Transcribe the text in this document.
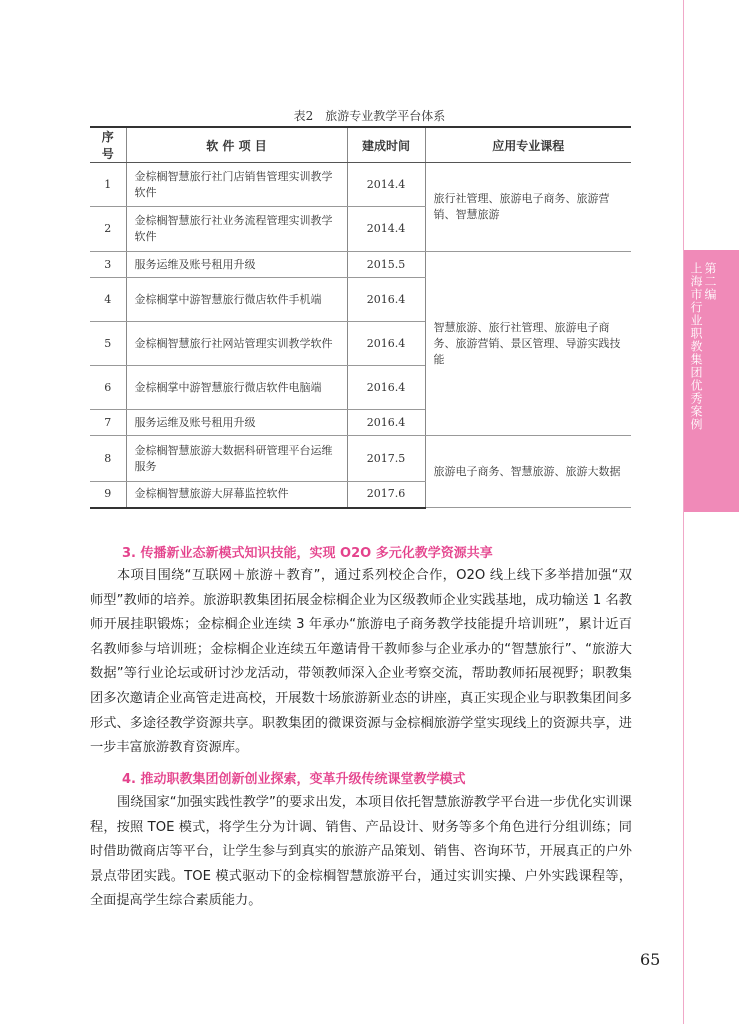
第二编
上海市行业职教集团优秀案例
表2　旅游专业教学平台体系
序号	软 件 项 目	建成时间	应用专业课程
1	金棕榈智慧旅行社门店销售管理实训教学软件	2014.4	旅行社管理、旅游电子商务、旅游营销、智慧旅游
2	金棕榈智慧旅行社业务流程管理实训教学软件	2014.4	
3	服务运维及账号租用升级	2015.5	智慧旅游、旅行社管理、旅游电子商务、旅游营销、景区管理、导游实践技能
4	金棕榈掌中游智慧旅行微店软件手机端	2016.4	
5	金棕榈智慧旅行社网站管理实训教学软件	2016.4	
6	金棕榈掌中游智慧旅行微店软件电脑端	2016.4	
7	服务运维及账号租用升级	2016.4	
8	金棕榈智慧旅游大数据科研管理平台运维服务	2017.5	旅游电子商务、智慧旅游、旅游大数据
9	金棕榈智慧旅游大屏幕监控软件	2017.6	
3. 传播新业态新模式知识技能，实现 O2O 多元化教学资源共享
本项目围绕“互联网＋旅游＋教育”，通过系列校企合作，O2O 线上线下多举措加强“双师型”教师的培养。旅游职教集团拓展金棕榈企业为区级教师企业实践基地，成功输送 1 名教师开展挂职锻炼；金棕榈企业连续 3 年承办“旅游电子商务教学技能提升培训班”，累计近百名教师参与培训班；金棕榈企业连续五年邀请骨干教师参与企业承办的“智慧旅行”、“旅游大数据”等行业论坛或研讨沙龙活动，带领教师深入企业考察交流，帮助教师拓展视野；职教集团多次邀请企业高管走进高校，开展数十场旅游新业态的讲座，真正实现企业与职教集团间多形式、多途径教学资源共享。职教集团的微课资源与金棕榈旅游学堂实现线上的资源共享，进一步丰富旅游教育资源库。
4. 推动职教集团创新创业探索，变革升级传统课堂教学模式
围绕国家“加强实践性教学”的要求出发，本项目依托智慧旅游教学平台进一步优化实训课程，按照 TOE 模式，将学生分为计调、销售、产品设计、财务等多个角色进行分组训练；同时借助微商店等平台，让学生参与到真实的旅游产品策划、销售、咨询环节，开展真正的户外景点带团实践。TOE 模式驱动下的金棕榈智慧旅游平台，通过实训实操、户外实践课程等，全面提高学生综合素质能力。
65
